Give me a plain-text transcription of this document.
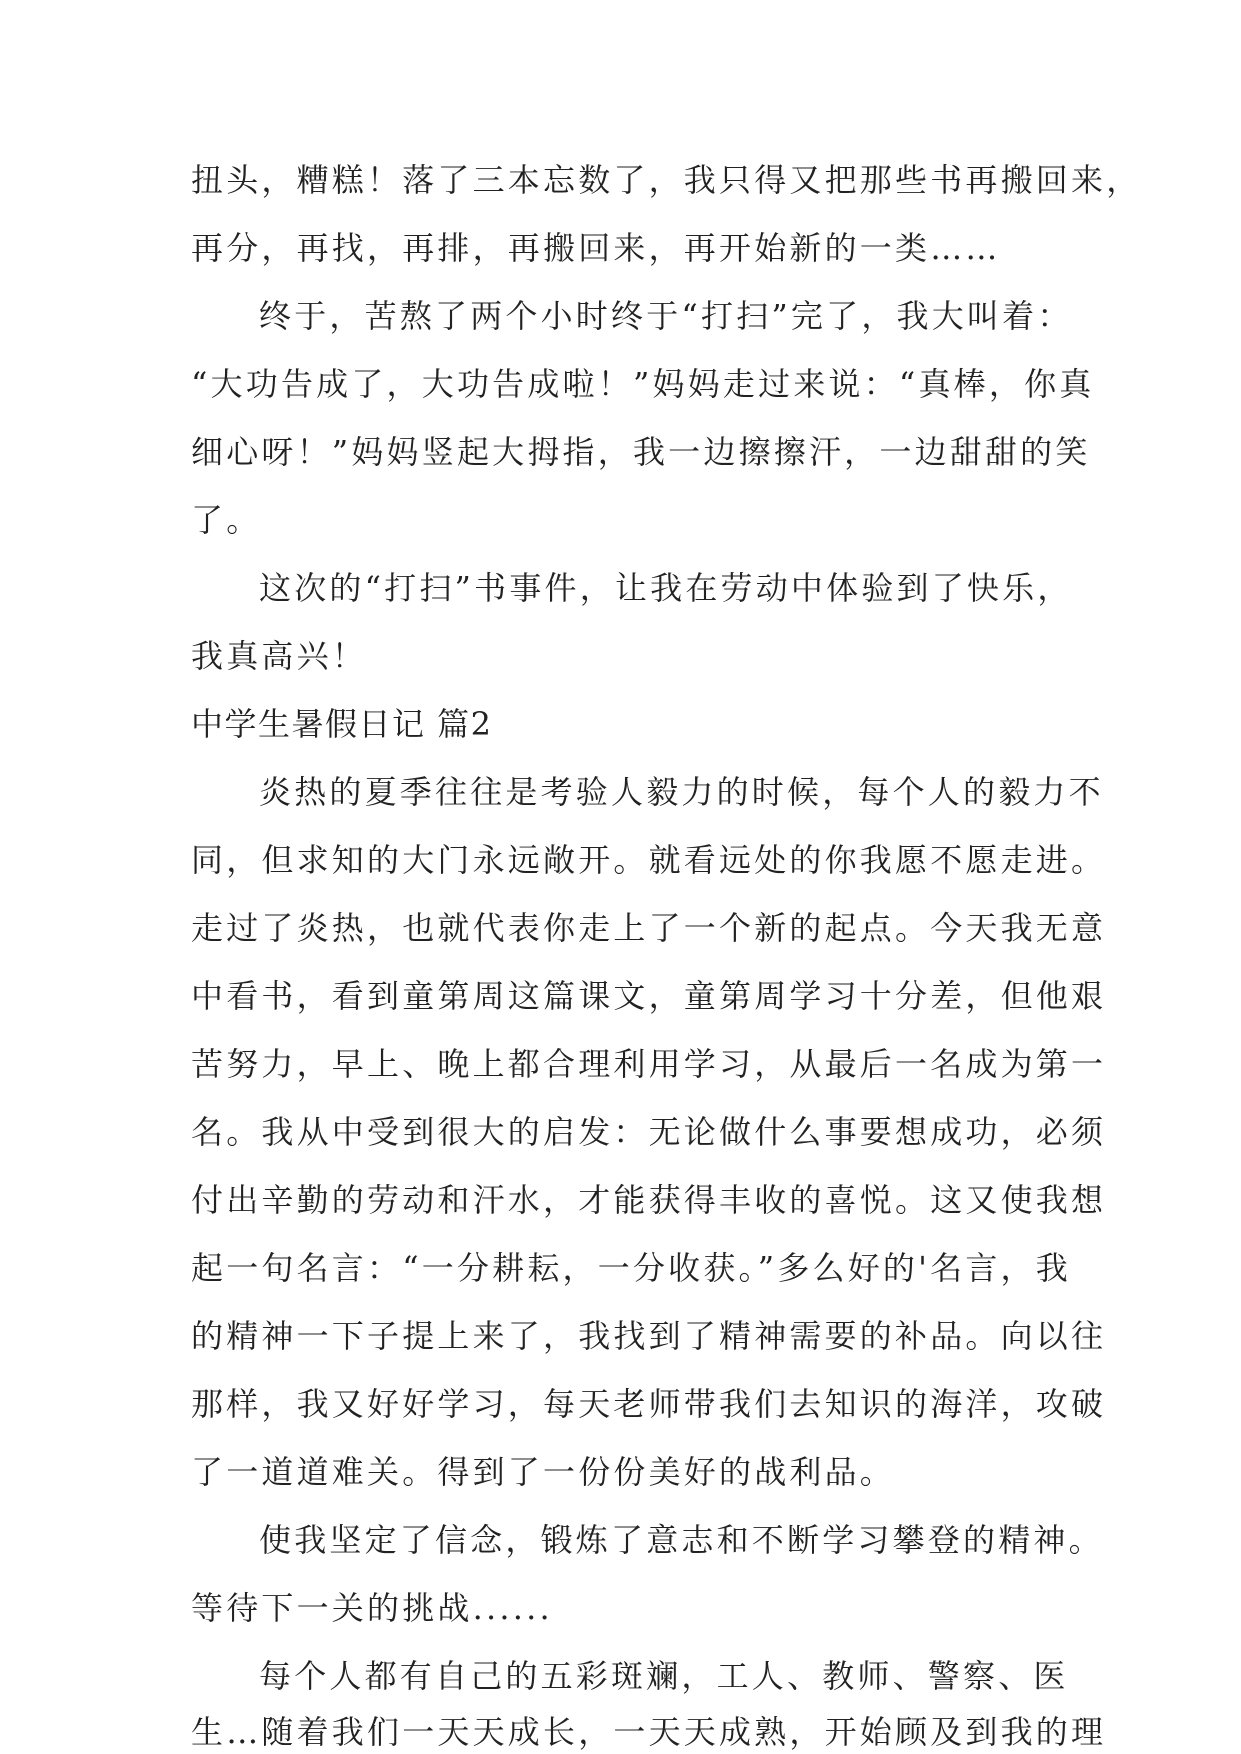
扭头，糟糕！落了三本忘数了，我只得又把那些书再搬回来，
再分，再找，再排，再搬回来，再开始新的一类……
终于，苦熬了两个小时终于“打扫”完了，我大叫着：
“大功告成了，大功告成啦！”妈妈走过来说：“真棒，你真
细心呀！”妈妈竖起大拇指，我一边擦擦汗，一边甜甜的笑
了。
这次的“打扫”书事件，让我在劳动中体验到了快乐，
我真高兴！
中学生暑假日记 篇2
炎热的夏季往往是考验人毅力的时候，每个人的毅力不
同，但求知的大门永远敞开。就看远处的你我愿不愿走进。
走过了炎热，也就代表你走上了一个新的起点。今天我无意
中看书，看到童第周这篇课文，童第周学习十分差，但他艰
苦努力，早上、晚上都合理利用学习，从最后一名成为第一
名。我从中受到很大的启发：无论做什么事要想成功，必须
付出辛勤的劳动和汗水，才能获得丰收的喜悦。这又使我想
起一句名言：“一分耕耘，一分收获。”多么好的'名言，我
的精神一下子提上来了，我找到了精神需要的补品。向以往
那样，我又好好学习，每天老师带我们去知识的海洋，攻破
了一道道难关。得到了一份份美好的战利品。
使我坚定了信念，锻炼了意志和不断学习攀登的精神。
等待下一关的挑战......
每个人都有自己的五彩斑斓，工人、教师、警察、医
生…随着我们一天天成长，一天天成熟，开始顾及到我的理
